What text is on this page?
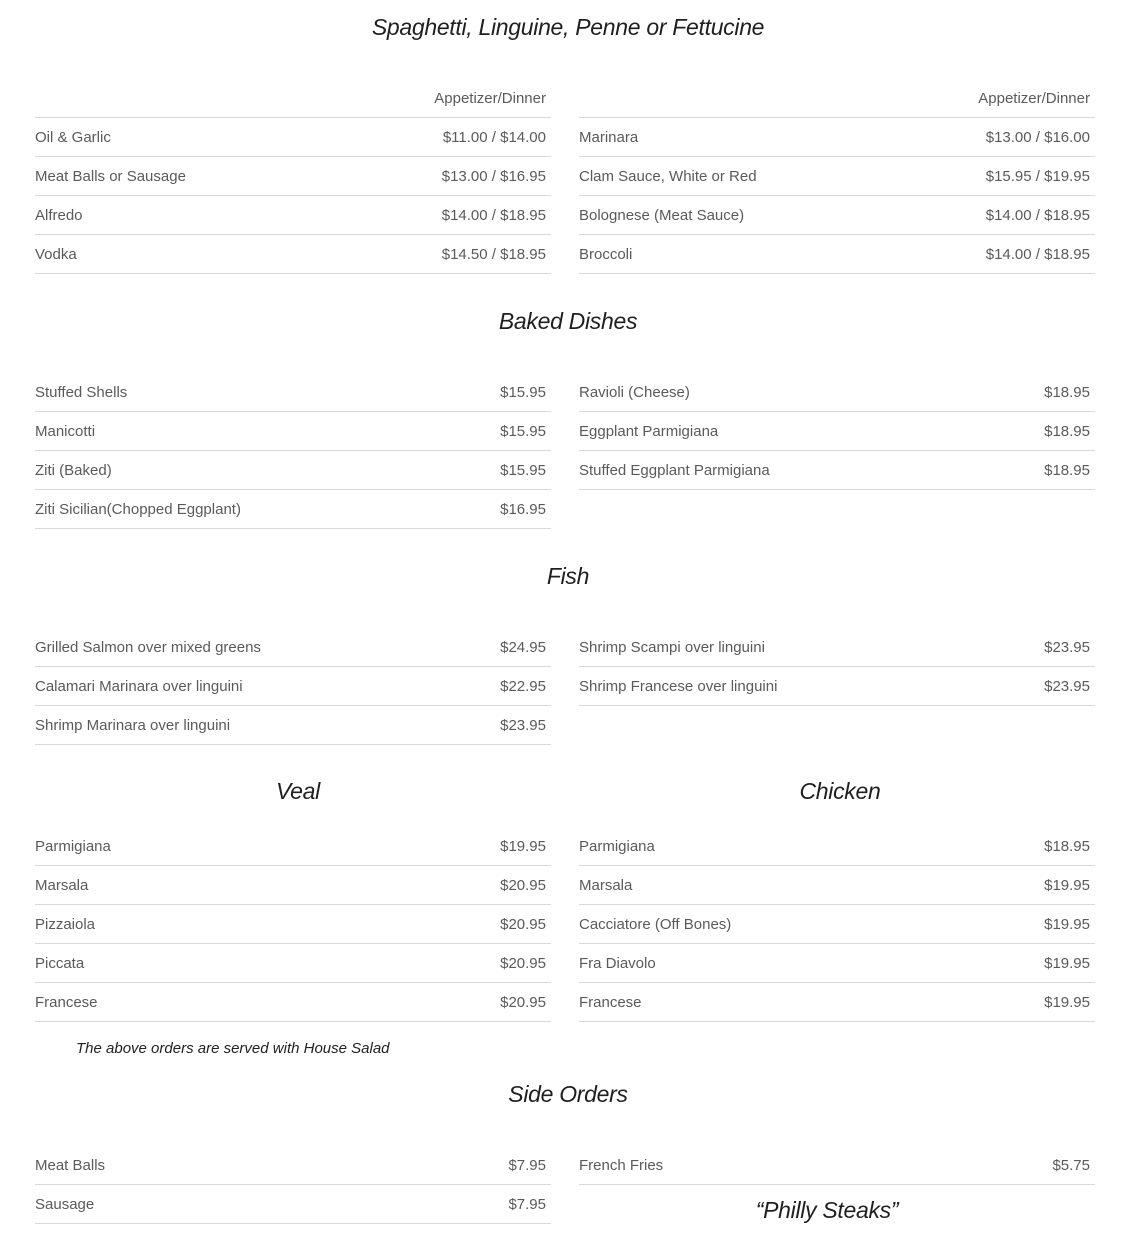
Spaghetti, Linguine, Penne or Fettucine
Appetizer/Dinner
Oil & Garlic	$11.00 / $14.00
Meat Balls or Sausage	$13.00 / $16.95
Alfredo	$14.00 / $18.95
Vodka	$14.50 / $18.95
Appetizer/Dinner
Marinara	$13.00 / $16.00
Clam Sauce, White or Red	$15.95 / $19.95
Bolognese (Meat Sauce)	$14.00 / $18.95
Broccoli	$14.00 / $18.95
Baked Dishes
Stuffed Shells	$15.95
Manicotti	$15.95
Ziti (Baked)	$15.95
Ziti Sicilian(Chopped Eggplant)	$16.95
Ravioli (Cheese)	$18.95
Eggplant Parmigiana	$18.95
Stuffed Eggplant Parmigiana	$18.95
Fish
Grilled Salmon over mixed greens	$24.95
Calamari Marinara over linguini	$22.95
Shrimp Marinara over linguini	$23.95
Shrimp Scampi over linguini	$23.95
Shrimp Francese over linguini	$23.95
Veal	Chicken
Parmigiana	$19.95
Marsala	$20.95
Pizzaiola	$20.95
Piccata	$20.95
Francese	$20.95
Parmigiana	$18.95
Marsala	$19.95
Cacciatore (Off Bones)	$19.95
Fra Diavolo	$19.95
Francese	$19.95
The above orders are served with House Salad
Side Orders
Meat Balls	$7.95
Sausage	$7.95
French Fries	$5.75
“Philly Steaks”
